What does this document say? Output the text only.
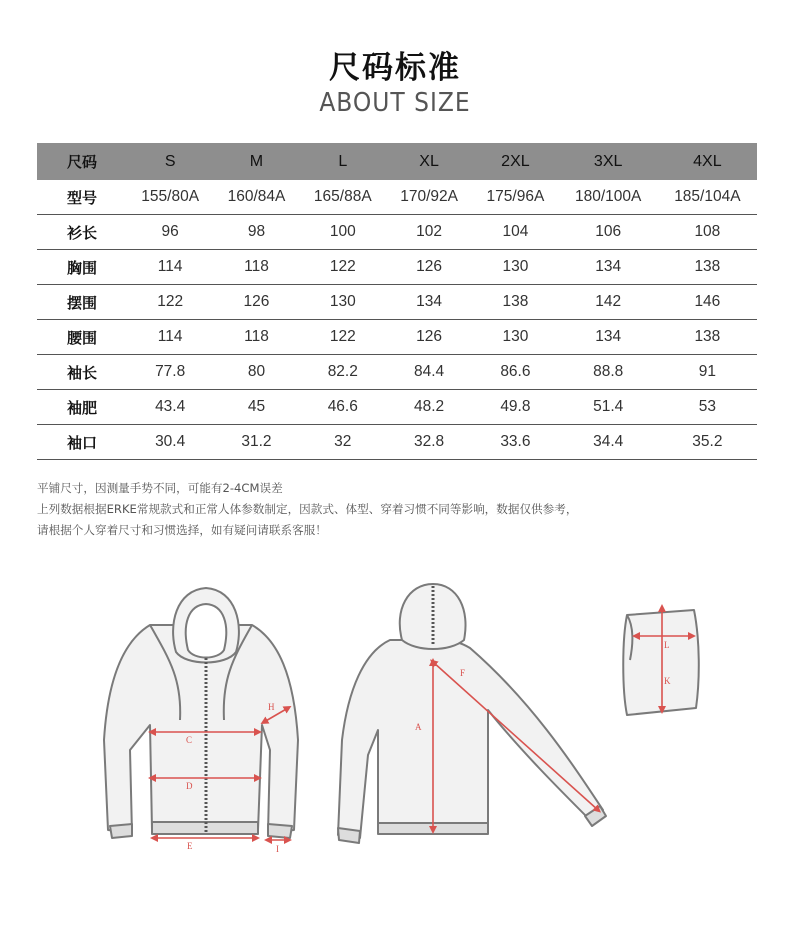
尺码标准
ABOUT SIZE
尺码	S	M	L	XL	2XL	3XL	4XL
型号	155/80A	160/84A	165/88A	170/92A	175/96A	180/100A	185/104A
衫长	96	98	100	102	104	106	108
胸围	114	118	122	126	130	134	138
摆围	122	126	130	134	138	142	146
腰围	114	118	122	126	130	134	138
袖长	77.8	80	82.2	84.4	86.6	88.8	91
袖肥	43.4	45	46.6	48.2	49.8	51.4	53
袖口	30.4	31.2	32	32.8	33.6	34.4	35.2
平铺尺寸，因测量手势不同，可能有2-4CM误差
上列数据根据ERKE常规款式和正常人体参数制定，因款式、体型、穿着习惯不同等影响，数据仅供参考，
请根据个人穿着尺寸和习惯选择，如有疑问请联系客服！
C
D
E
H
I
A
F
L
K
